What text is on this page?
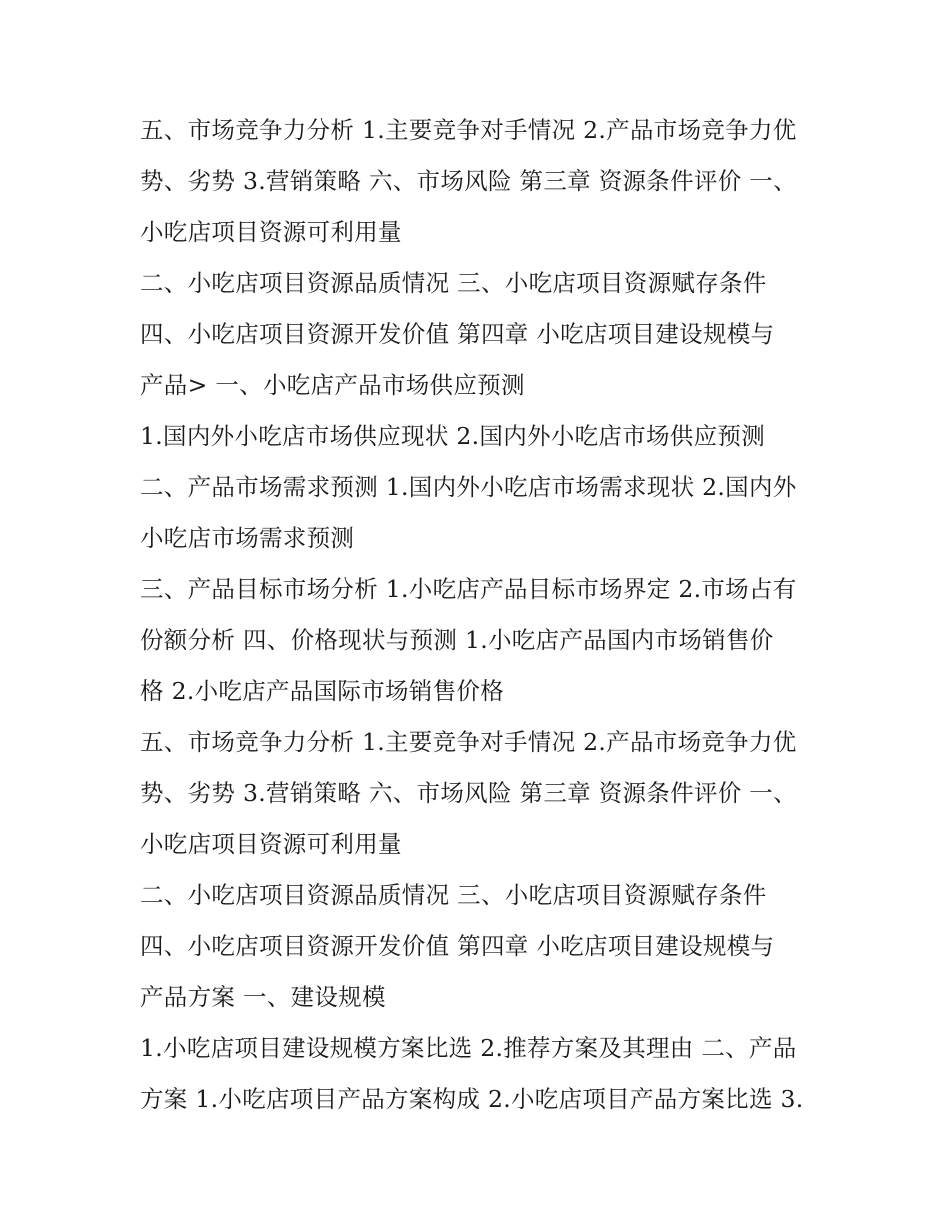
五、市场竞争力分析 1.主要竞争对手情况 2.产品市场竞争力优
势、劣势 3.营销策略 六、市场风险 第三章 资源条件评价 一、
小吃店项目资源可利用量
二、小吃店项目资源品质情况 三、小吃店项目资源赋存条件
四、小吃店项目资源开发价值 第四章 小吃店项目建设规模与
产品> 一、小吃店产品市场供应预测
1.国内外小吃店市场供应现状 2.国内外小吃店市场供应预测
二、产品市场需求预测 1.国内外小吃店市场需求现状 2.国内外
小吃店市场需求预测
三、产品目标市场分析 1.小吃店产品目标市场界定 2.市场占有
份额分析 四、价格现状与预测 1.小吃店产品国内市场销售价
格 2.小吃店产品国际市场销售价格
五、市场竞争力分析 1.主要竞争对手情况 2.产品市场竞争力优
势、劣势 3.营销策略 六、市场风险 第三章 资源条件评价 一、
小吃店项目资源可利用量
二、小吃店项目资源品质情况 三、小吃店项目资源赋存条件
四、小吃店项目资源开发价值 第四章 小吃店项目建设规模与
产品方案 一、建设规模
1.小吃店项目建设规模方案比选 2.推荐方案及其理由 二、产品
方案 1.小吃店项目产品方案构成 2.小吃店项目产品方案比选 3.
